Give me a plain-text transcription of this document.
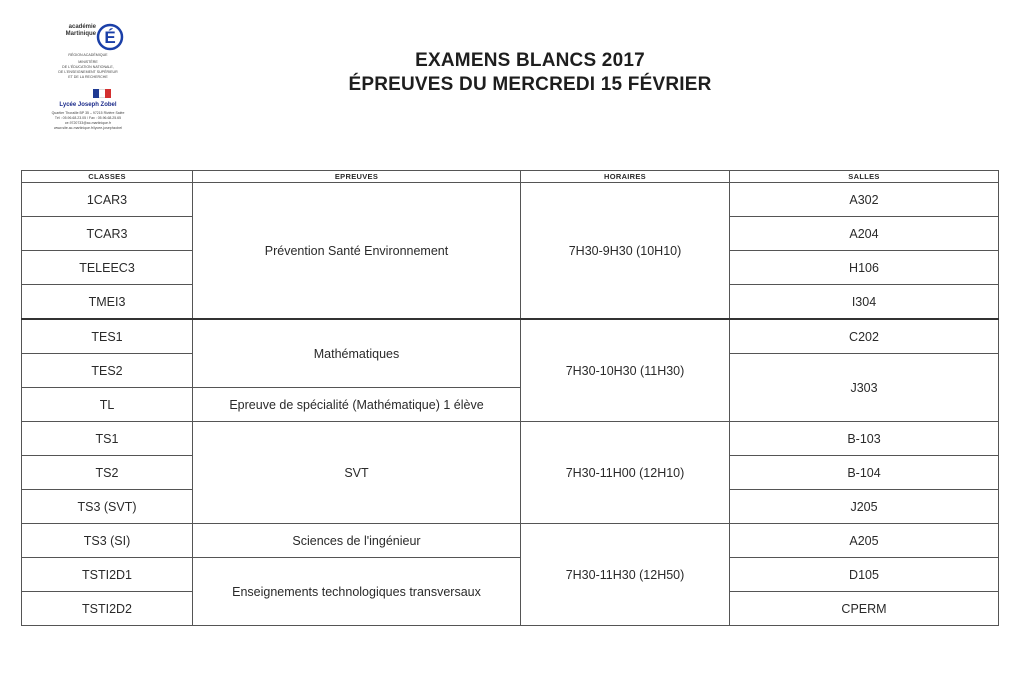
académie
Martinique É
RÉGION ACADÉMIQUE
MINISTÈRE
DE L'ÉDUCATION NATIONALE,
DE L'ENSEIGNEMENT SUPÉRIEUR
ET DE LA RECHERCHE
Lycée Joseph Zobel
Quartier Thoraille BP 35 – 97215 Rivière Salée
Tél : 05.96.68.23.05 / Fax : 05.96.68.25.65
ce.9720733@ac-martinique.fr
www.site.ac-martinique.fr/lycee-josephzobel
EXAMENS BLANCS 2017
ÉPREUVES DU MERCREDI 15 FÉVRIER
CLASSES	EPREUVES	HORAIRES	SALLES
1CAR3	Prévention Santé Environnement	7H30-9H30 (10H10)	A302
TCAR3			A204
TELEEC3			H106
TMEI3			I304
TES1	Mathématiques	7H30-10H30 (11H30)	C202
TES2			J303
TL	Epreuve de spécialité (Mathématique) 1 élève		
TS1	SVT	7H30-11H00 (12H10)	B-103
TS2			B-104
TS3 (SVT)			J205
TS3 (SI)	Sciences de l'ingénieur	7H30-11H30 (12H50)	A205
TSTI2D1	Enseignements technologiques transversaux		D105
TSTI2D2			CPERM
